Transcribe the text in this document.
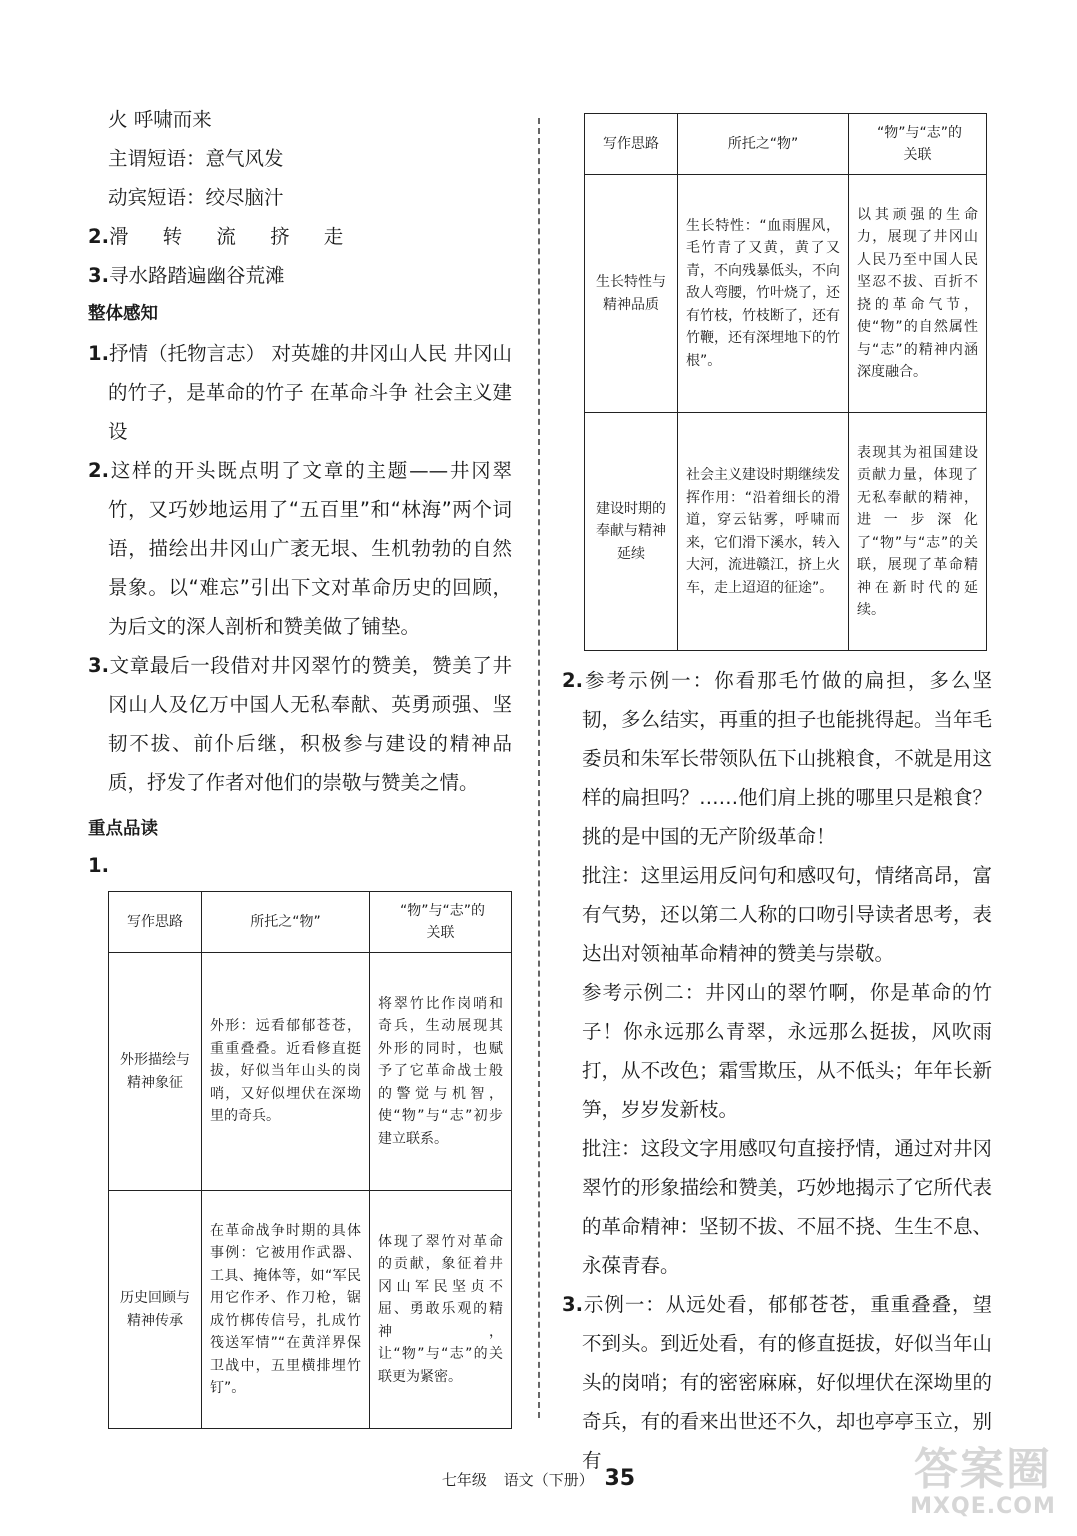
火 呼啸而来

主谓短语：意气风发

动宾短语：绞尽脑汁

2.滑 转 流 挤 走

3.寻水路踏遍幽谷荒滩

整体感知

1.抒情（托物言志） 对英雄的井冈山人民 井冈山的竹子，是革命的竹子 在革命斗争 社会主义建设

2.这样的开头既点明了文章的主题——井冈翠竹，又巧妙地运用了“五百里”和“林海”两个词语，描绘出井冈山广袤无垠、生机勃勃的自然景象。以“难忘”引出下文对革命历史的回顾，为后文的深人剖析和赞美做了铺垫。

3.文章最后一段借对井冈翠竹的赞美，赞美了井冈山人及亿万中国人无私奉献、英勇顽强、坚韧不拔、前仆后继，积极参与建设的精神品质，抒发了作者对他们的崇敬与赞美之情。

重点品读

1.

写作思路	所托之“物”	“物”与“志”的关联
外形描绘与精神象征	外形：远看郁郁苍苍，重重叠叠。近看修直挺拔，好似当年山头的岗哨，又好似埋伏在深坳里的奇兵。	将翠竹比作岗哨和奇兵，生动展现其外形的同时，也赋予了它革命战士般的警觉与机智，使“物”与“志”初步建立联系。
历史回顾与精神传承	在革命战争时期的具体事例：它被用作武器、工具、掩体等，如“军民用它作矛、作刀枪，锯成竹梆传信号，扎成竹筏送军情”“在黄洋界保卫战中，五里横排埋竹钉”。	体现了翠竹对革命的贡献，象征着井冈山军民坚贞不屈、勇敢乐观的精神，让“物”与“志”的关联更为紧密。
写作思路	所托之“物”	“物”与“志”的关联
生长特性与精神品质	生长特性：“血雨腥风，毛竹青了又黄，黄了又青，不向残暴低头，不向敌人弯腰，竹叶烧了，还有竹枝，竹枝断了，还有竹鞭，还有深埋地下的竹根”。	以其顽强的生命力，展现了井冈山人民乃至中国人民坚忍不拔、百折不挠的革命气节，使“物”的自然属性与“志”的精神内涵深度融合。
建设时期的奉献与精神延续	社会主义建设时期继续发挥作用：“沿着细长的滑道，穿云钻雾，呼啸而来，它们滑下溪水，转入大河，流进赣江，挤上火车，走上迢迢的征途”。	表现其为祖国建设贡献力量，体现了无私奉献的精神，进一步深化了“物”与“志”的关联，展现了革命精神在新时代的延续。

2.参考示例一：你看那毛竹做的扁担，多么坚韧，多么结实，再重的担子也能挑得起。当年毛委员和朱军长带领队伍下山挑粮食，不就是用这样的扁担吗？……他们肩上挑的哪里只是粮食？挑的是中国的无产阶级革命！

批注：这里运用反问句和感叹句，情绪高昂，富有气势，还以第二人称的口吻引导读者思考，表达出对领袖革命精神的赞美与崇敬。

参考示例二：井冈山的翠竹啊，你是革命的竹子！你永远那么青翠，永远那么挺拔，风吹雨打，从不改色；霜雪欺压，从不低头；年年长新笋，岁岁发新枝。

批注：这段文字用感叹句直接抒情，通过对井冈翠竹的形象描绘和赞美，巧妙地揭示了它所代表的革命精神：坚韧不拔、不屈不挠、生生不息、永葆青春。

3.示例一：从远处看，郁郁苍苍，重重叠叠，望不到头。到近处看，有的修直挺拔，好似当年山头的岗哨；有的密密麻麻，好似埋伏在深坳里的奇兵，有的看来出世还不久，却也亭亭玉立，别有

七年级 语文（下册） 35	答案圈
MXQE.COM
